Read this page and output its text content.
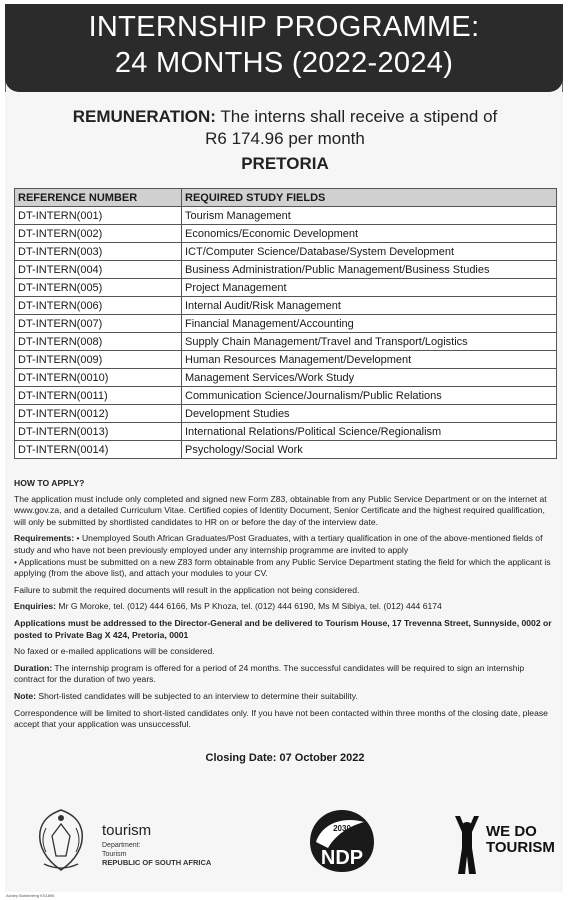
INTERNSHIP PROGRAMME:
24 MONTHS (2022-2024)
REMUNERATION: The interns shall receive a stipend of
R6 174.96 per month
PRETORIA
REFERENCE NUMBER	REQUIRED STUDY FIELDS
DT-INTERN(001)	Tourism Management
DT-INTERN(002)	Economics/Economic Development
DT-INTERN(003)	ICT/Computer Science/Database/System Development
DT-INTERN(004)	Business Administration/Public Management/Business Studies
DT-INTERN(005)	Project Management
DT-INTERN(006)	Internal Audit/Risk Management
DT-INTERN(007)	Financial Management/Accounting
DT-INTERN(008)	Supply Chain Management/Travel and Transport/Logistics
DT-INTERN(009)	Human Resources Management/Development
DT-INTERN(0010)	Management Services/Work Study
DT-INTERN(0011)	Communication Science/Journalism/Public Relations
DT-INTERN(0012)	Development Studies
DT-INTERN(0013)	International Relations/Political Science/Regionalism
DT-INTERN(0014)	Psychology/Social Work

HOW TO APPLY?

The application must include only completed and signed new Form Z83, obtainable from any Public Service Department or on the internet at www.gov.za, and a detailed Curriculum Vitae. Certified copies of Identity Document, Senior Certificate and the highest required qualification, will only be submitted by shortlisted candidates to HR on or before the day of the interview date.

Requirements: • Unemployed South African Graduates/Post Graduates, with a tertiary qualification in one of the above-mentioned fields of study and who have not been previously employed under any internship programme are invited to apply
• Applications must be submitted on a new Z83 form obtainable from any Public Service Department stating the field for which the applicant is applying (from the above list), and attach your modules to your CV.

Failure to submit the required documents will result in the application not being considered.

Enquiries: Mr G Moroke, tel. (012) 444 6166, Ms P Khoza, tel. (012) 444 6190, Ms M Sibiya, tel. (012) 444 6174

Applications must be addressed to the Director-General and be delivered to Tourism House, 17 Trevenna Street, Sunnyside, 0002 or posted to Private Bag X 424, Pretoria, 0001

No faxed or e-mailed applications will be considered.

Duration: The internship program is offered for a period of 24 months. The successful candidates will be required to sign an internship contract for the duration of two years.

Note: Short-listed candidates will be subjected to an interview to determine their suitability.

Correspondence will be limited to short-listed candidates only. If you have not been contacted within three months of the closing date, please accept that your application was unsuccessful.

Closing Date: 07 October 2022
tourism
Department:
Tourism
REPUBLIC OF SOUTH AFRICA
2030
NDP
WE DO
TOURISM
Ashley Botsheleng KS1896
